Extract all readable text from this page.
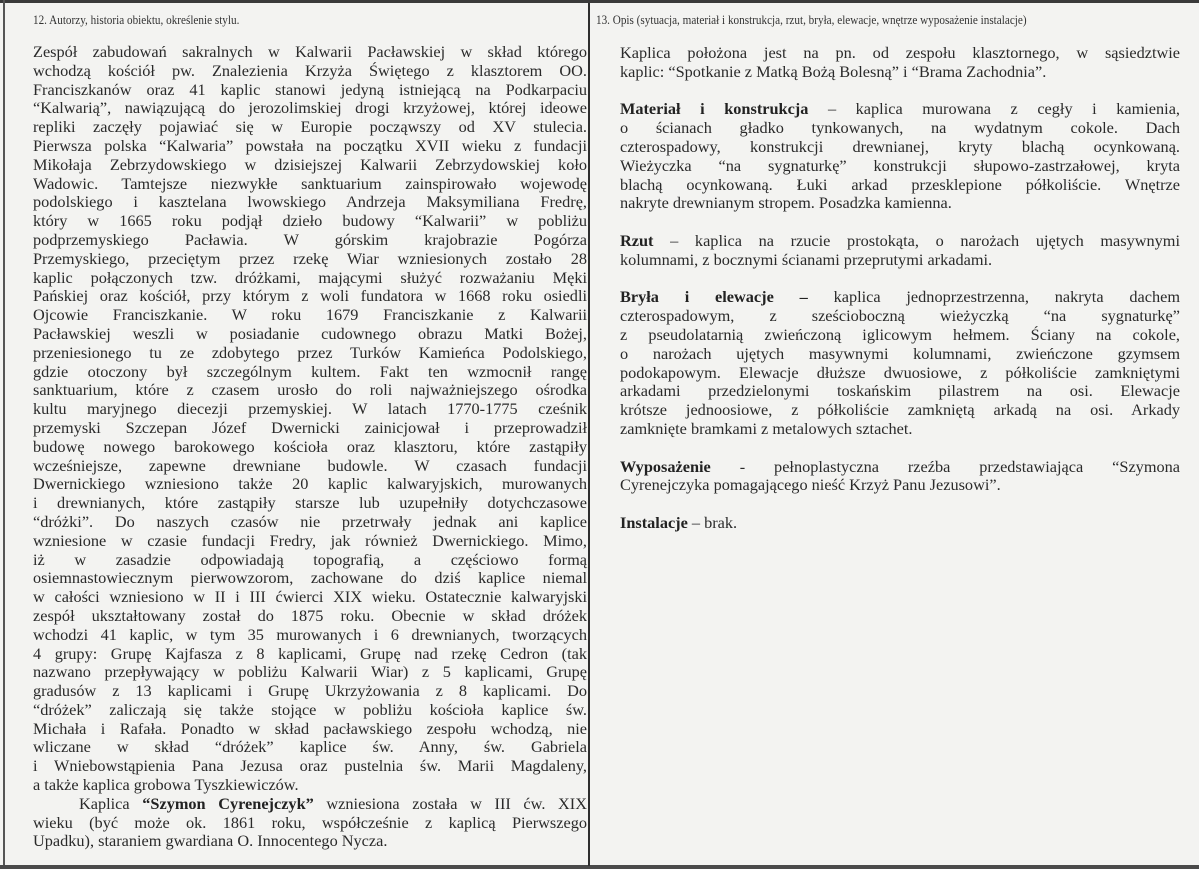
12. Autorzy, historia obiektu, określenie stylu.	13. Opis (sytuacja, materiał i konstrukcja, rzut, bryła, elewacje, wnętrze wyposażenie instalacje)
Zespół zabudowań sakralnych w Kalwarii Pacławskiej w skład którego
wchodzą kościół pw. Znalezienia Krzyża Świętego z klasztorem OO.
Franciszkanów oraz 41 kaplic stanowi jedyną istniejącą na Podkarpaciu
“Kalwarią”, nawiązującą do jerozolimskiej drogi krzyżowej, której ideowe
repliki zaczęły pojawiać się w Europie począwszy od XV stulecia.
Pierwsza polska “Kalwaria” powstała na początku XVII wieku z fundacji
Mikołaja Zebrzydowskiego w dzisiejszej Kalwarii Zebrzydowskiej koło
Wadowic. Tamtejsze niezwykłe sanktuarium zainspirowało wojewodę
podolskiego i kasztelana lwowskiego Andrzeja Maksymiliana Fredrę,
który w 1665 roku podjął dzieło budowy “Kalwarii” w pobliżu
podprzemyskiego Pacławia. W górskim krajobrazie Pogórza
Przemyskiego, przeciętym przez rzekę Wiar wzniesionych zostało 28
kaplic połączonych tzw. dróżkami, mającymi służyć rozważaniu Męki
Pańskiej oraz kościół, przy którym z woli fundatora w 1668 roku osiedli
Ojcowie Franciszkanie. W roku 1679 Franciszkanie z Kalwarii
Pacławskiej weszli w posiadanie cudownego obrazu Matki Bożej,
przeniesionego tu ze zdobytego przez Turków Kamieńca Podolskiego,
gdzie otoczony był szczególnym kultem. Fakt ten wzmocnił rangę
sanktuarium, które z czasem urosło do roli najważniejszego ośrodka
kultu maryjnego diecezji przemyskiej. W latach 1770-1775 cześnik
przemyski Szczepan Józef Dwernicki zainicjował i przeprowadził
budowę nowego barokowego kościoła oraz klasztoru, które zastąpiły
wcześniejsze, zapewne drewniane budowle. W czasach fundacji
Dwernickiego wzniesiono także 20 kaplic kalwaryjskich, murowanych
i drewnianych, które zastąpiły starsze lub uzupełniły dotychczasowe
“dróżki”. Do naszych czasów nie przetrwały jednak ani kaplice
wzniesione w czasie fundacji Fredry, jak również Dwernickiego. Mimo,
iż w zasadzie odpowiadają topografią, a częściowo formą
osiemnastowiecznym pierwowzorom, zachowane do dziś kaplice niemal
w całości wzniesiono w II i III ćwierci XIX wieku. Ostatecznie kalwaryjski
zespół ukształtowany został do 1875 roku. Obecnie w skład dróżek
wchodzi 41 kaplic, w tym 35 murowanych i 6 drewnianych, tworzących
4 grupy: Grupę Kajfasza z 8 kaplicami, Grupę nad rzekę Cedron (tak
nazwano przepływający w pobliżu Kalwarii Wiar) z 5 kaplicami, Grupę
gradusów z 13 kaplicami i Grupę Ukrzyżowania z 8 kaplicami. Do
“dróżek” zaliczają się także stojące w pobliżu kościoła kaplice św.
Michała i Rafała. Ponadto w skład pacławskiego zespołu wchodzą, nie
wliczane w skład “dróżek” kaplice św. Anny, św. Gabriela
i Wniebowstąpienia Pana Jezusa oraz pustelnia św. Marii Magdaleny,
a także kaplica grobowa Tyszkiewiczów.
Kaplica “Szymon Cyrenejczyk” wzniesiona została w III ćw. XIX
wieku (być może ok. 1861 roku, współcześnie z kaplicą Pierwszego
Upadku), staraniem gwardiana O. Innocentego Nycza.
Kaplica położona jest na pn. od zespołu klasztornego, w sąsiedztwie
kaplic: “Spotkanie z Matką Bożą Bolesną” i “Brama Zachodnia”.
Materiał i konstrukcja – kaplica murowana z cegły i kamienia,
o ścianach gładko tynkowanych, na wydatnym cokole. Dach
czterospadowy, konstrukcji drewnianej, kryty blachą ocynkowaną.
Wieżyczka “na sygnaturkę” konstrukcji słupowo-zastrzałowej, kryta
blachą ocynkowaną. Łuki arkad przesklepione półkoliście. Wnętrze
nakryte drewnianym stropem. Posadzka kamienna.
Rzut – kaplica na rzucie prostokąta, o narożach ujętych masywnymi
kolumnami, z bocznymi ścianami przeprutymi arkadami.
Bryła i elewacje – kaplica jednoprzestrzenna, nakryta dachem
czterospadowym, z sześcioboczną wieżyczką “na sygnaturkę”
z pseudolatarnią zwieńczoną iglicowym hełmem. Ściany na cokole,
o narożach ujętych masywnymi kolumnami, zwieńczone gzymsem
podokapowym. Elewacje dłuższe dwuosiowe, z półkoliście zamkniętymi
arkadami przedzielonymi toskańskim pilastrem na osi. Elewacje
krótsze jednoosiowe, z półkoliście zamkniętą arkadą na osi. Arkady
zamknięte bramkami z metalowych sztachet.
Wyposażenie - pełnoplastyczna rzeźba przedstawiająca “Szymona
Cyrenejczyka pomagającego nieść Krzyż Panu Jezusowi”.
Instalacje – brak.
